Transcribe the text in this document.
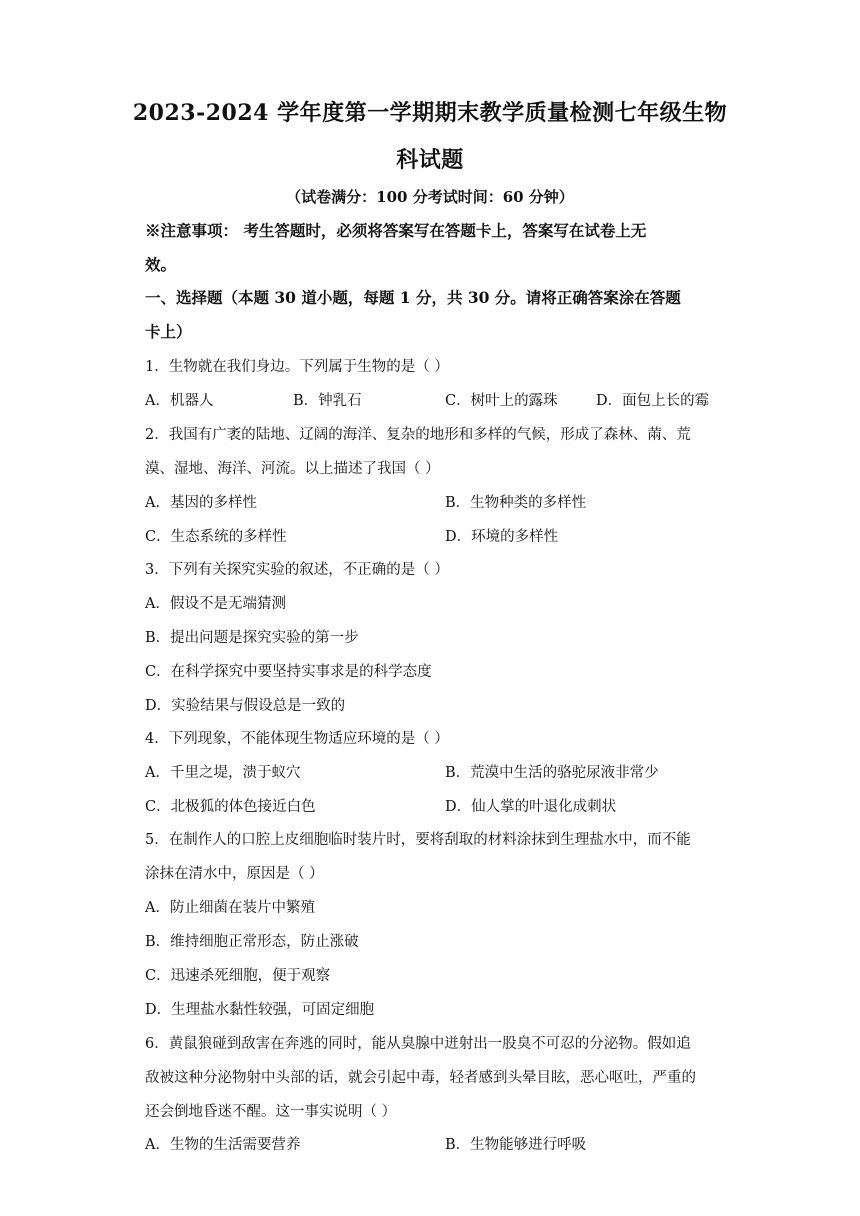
2023-2024 学年度第一学期期末教学质量检测七年级生物
科试题
（试卷满分：100 分考试时间：60 分钟）
※注意事项： 考生答题时，必须将答案写在答题卡上，答案写在试卷上无
效。
一、选择题（本题 30 道小题，每题 1 分，共 30 分。请将正确答案涂在答题
卡上）
1．生物就在我们身边。下列属于生物的是（ ）
A．机器人	B．钟乳石	C．树叶上的露珠	D．面包上长的霉
2．我国有广袤的陆地、辽阔的海洋、复杂的地形和多样的气候，形成了森林、䓣、荒
漠、湿地、海洋、河流。以上描述了我国（ ）
A．基因的多样性	B．生物种类的多样性
C．生态系统的多样性	D．环境的多样性
3．下列有关探究实验的叙述，不正确的是（ ）
A．假设不是无端猜测
B．提出问题是探究实验的第一步
C．在科学探究中要坚持实事求是的科学态度
D．实验结果与假设总是一致的
4．下列现象，不能体现生物适应环境的是（ ）
A．千里之堤，溃于蚁穴	B．荒漠中生活的骆驼尿液非常少
C．北极狐的体色接近白色	D．仙人掌的叶退化成刺状
5．在制作人的口腔上皮细胞临时装片时，要将刮取的材料涂抹到生理盐水中，而不能
涂抹在清水中，原因是（ ）
A．防止细菌在装片中繁殖
B．维持细胞正常形态，防止涨破
C．迅速杀死细胞，便于观察
D．生理盐水黏性较强，可固定细胞
6．黄鼠狼碰到敌害在奔逃的同时，能从臭腺中迸射出一股臭不可忍的分泌物。假如追
敌被这种分泌物射中头部的话，就会引起中毒，轻者感到头晕目眩，恶心呕吐，严重的
还会倒地昏迷不醒。这一事实说明（ ）
A．生物的生活需要营养	B．生物能够进行呼吸
